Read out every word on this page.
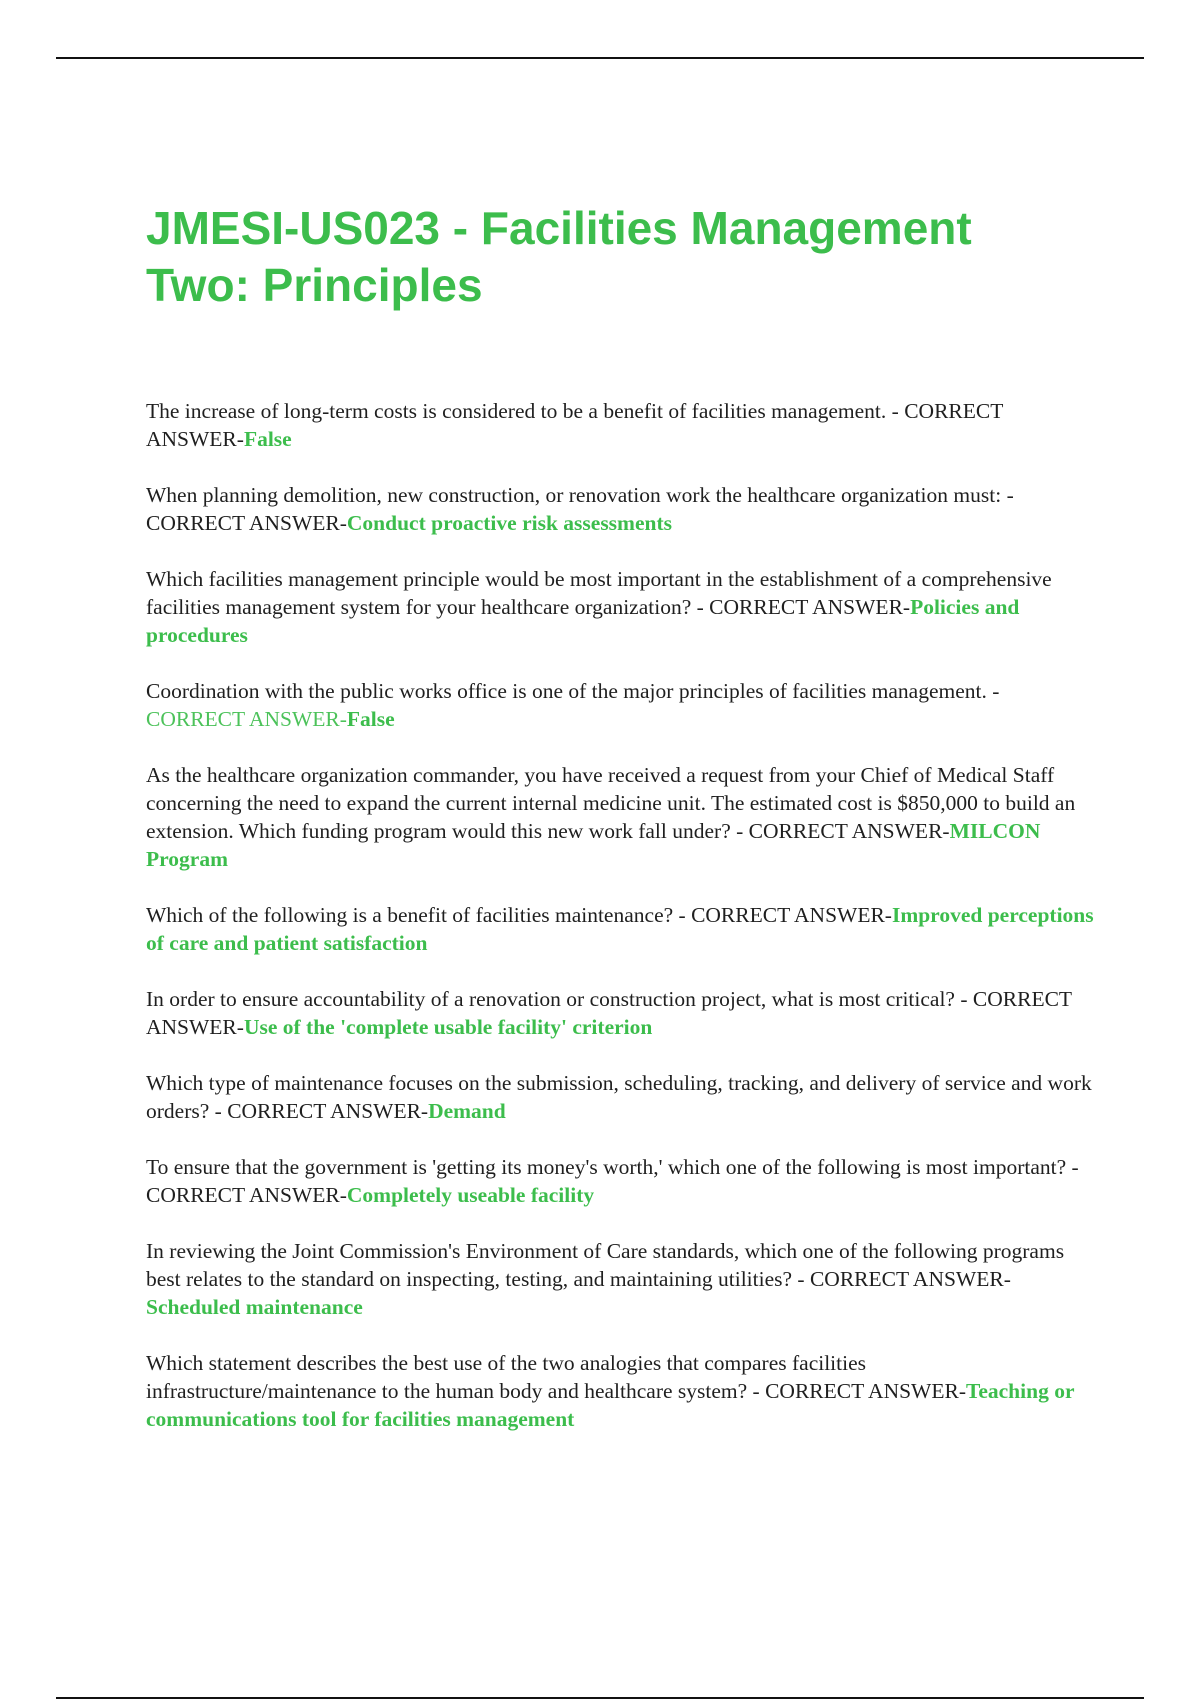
JMESI-US023 - Facilities Management
Two: Principles

The increase of long-term costs is considered to be a benefit of facilities management. - CORRECT ANSWER-False

When planning demolition, new construction, or renovation work the healthcare organization must: - CORRECT ANSWER-Conduct proactive risk assessments

Which facilities management principle would be most important in the establishment of a comprehensive facilities management system for your healthcare organization? - CORRECT ANSWER-Policies and procedures

Coordination with the public works office is one of the major principles of facilities management. - CORRECT ANSWER-False

As the healthcare organization commander, you have received a request from your Chief of Medical Staff concerning the need to expand the current internal medicine unit. The estimated cost is $850,000 to build an extension. Which funding program would this new work fall under? - CORRECT ANSWER-MILCON Program

Which of the following is a benefit of facilities maintenance? - CORRECT ANSWER-Improved perceptions of care and patient satisfaction

In order to ensure accountability of a renovation or construction project, what is most critical? - CORRECT ANSWER-Use of the 'complete usable facility' criterion

Which type of maintenance focuses on the submission, scheduling, tracking, and delivery of service and work orders? - CORRECT ANSWER-Demand

To ensure that the government is 'getting its money's worth,' which one of the following is most important? - CORRECT ANSWER-Completely useable facility

In reviewing the Joint Commission's Environment of Care standards, which one of the following programs best relates to the standard on inspecting, testing, and maintaining utilities? - CORRECT ANSWER-Scheduled maintenance

Which statement describes the best use of the two analogies that compares facilities infrastructure/maintenance to the human body and healthcare system? - CORRECT ANSWER-Teaching or communications tool for facilities management
